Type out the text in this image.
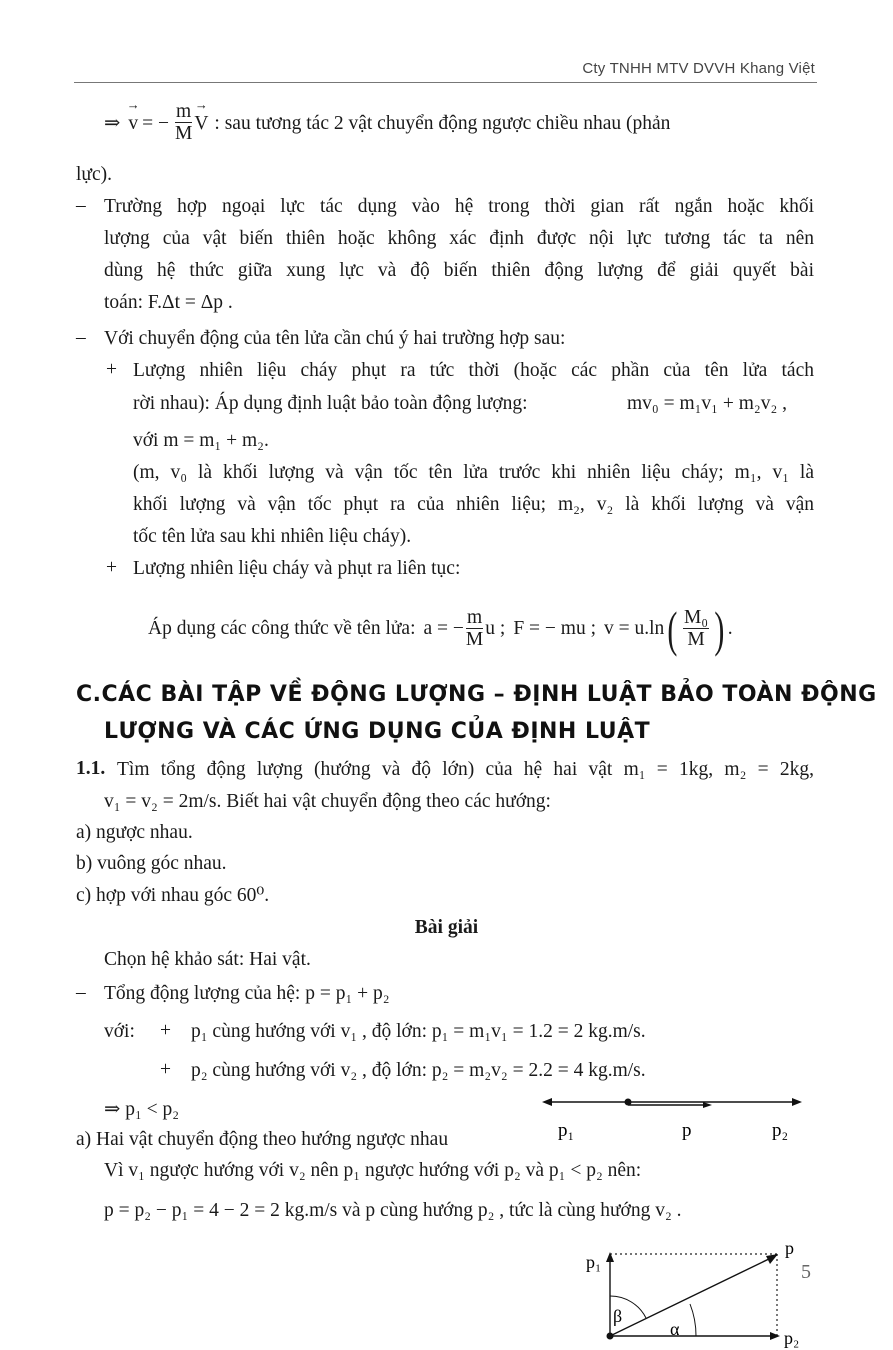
Cty TNHH MTV DVVH Khang Việt
⇒
→ v = − $\frac{m}{M}$
→ V : sau tương tác 2 vật chuyển động ngược chiều nhau (phản
lực).
– Trường hợp ngoại lực tác dụng vào hệ trong thời gian rất ngắn hoặc khối
lượng của vật biến thiên hoặc không xác định được nội lực tương tác ta nên
dùng hệ thức giữa xung lực và độ biến thiên động lượng để giải quyết bài
toán: F.Δt = Δp .
– Với chuyển động của tên lửa cần chú ý hai trường hợp sau:
+ Lượng nhiên liệu cháy phụt ra tức thời (hoặc các phần của tên lửa tách
rời nhau): Áp dụng định luật bảo toàn động lượng:	mv₀ = m₁v₁ + m₂v₂ ,
với m = m₁ + m₂.
(m, v₀ là khối lượng và vận tốc tên lửa trước khi nhiên liệu cháy; m₁, v₁ là
khối lượng và vận tốc phụt ra của nhiên liệu; m₂, v₂ là khối lượng và vận
tốc tên lửa sau khi nhiên liệu cháy).
+ Lượng nhiên liệu cháy và phụt ra liên tục:
Áp dụng các công thức về tên lửa: a = − $\frac{m}{M}$ u ; F = − mu ; v = u.ln ( $\frac{\text{M₀}}{M}$ ) .
C.CÁC BÀI TẬP VỀ ĐỘNG LƯỢNG – ĐỊNH LUẬT BẢO TOÀN ĐỘNG
LƯỢNG VÀ CÁC ỨNG DỤNG CỦA ĐỊNH LUẬT
1.1. Tìm tổng động lượng (hướng và độ lớn) của hệ hai vật m₁ = 1kg, m₂ = 2kg,
v₁ = v₂ = 2m/s. Biết hai vật chuyển động theo các hướng:
a) ngược nhau.
b) vuông góc nhau.
c) hợp với nhau góc 60⁰.
Bài giải
Chọn hệ khảo sát: Hai vật.
– Tổng động lượng của hệ: p = p₁ + p₂
với: + p₁ cùng hướng với v₁ , độ lớn: p₁ = m₁v₁ = 1.2 = 2 kg.m/s.
+ p₂ cùng hướng với v₂ , độ lớn: p₂ = m₂v₂ = 2.2 = 4 kg.m/s.
⇒ p₁ < p₂
a) Hai vật chuyển động theo hướng ngược nhau
Vì v₁ ngược hướng với v₂ nên p₁ ngược hướng với p₂ và p₁ < p₂ nên:
p = p₂ − p₁ = 4 − 2 = 2 kg.m/s và p cùng hướng p₂ , tức là cùng hướng v₂ .
p₁	p	p₂
p₁
p
p₂
β
α
5
